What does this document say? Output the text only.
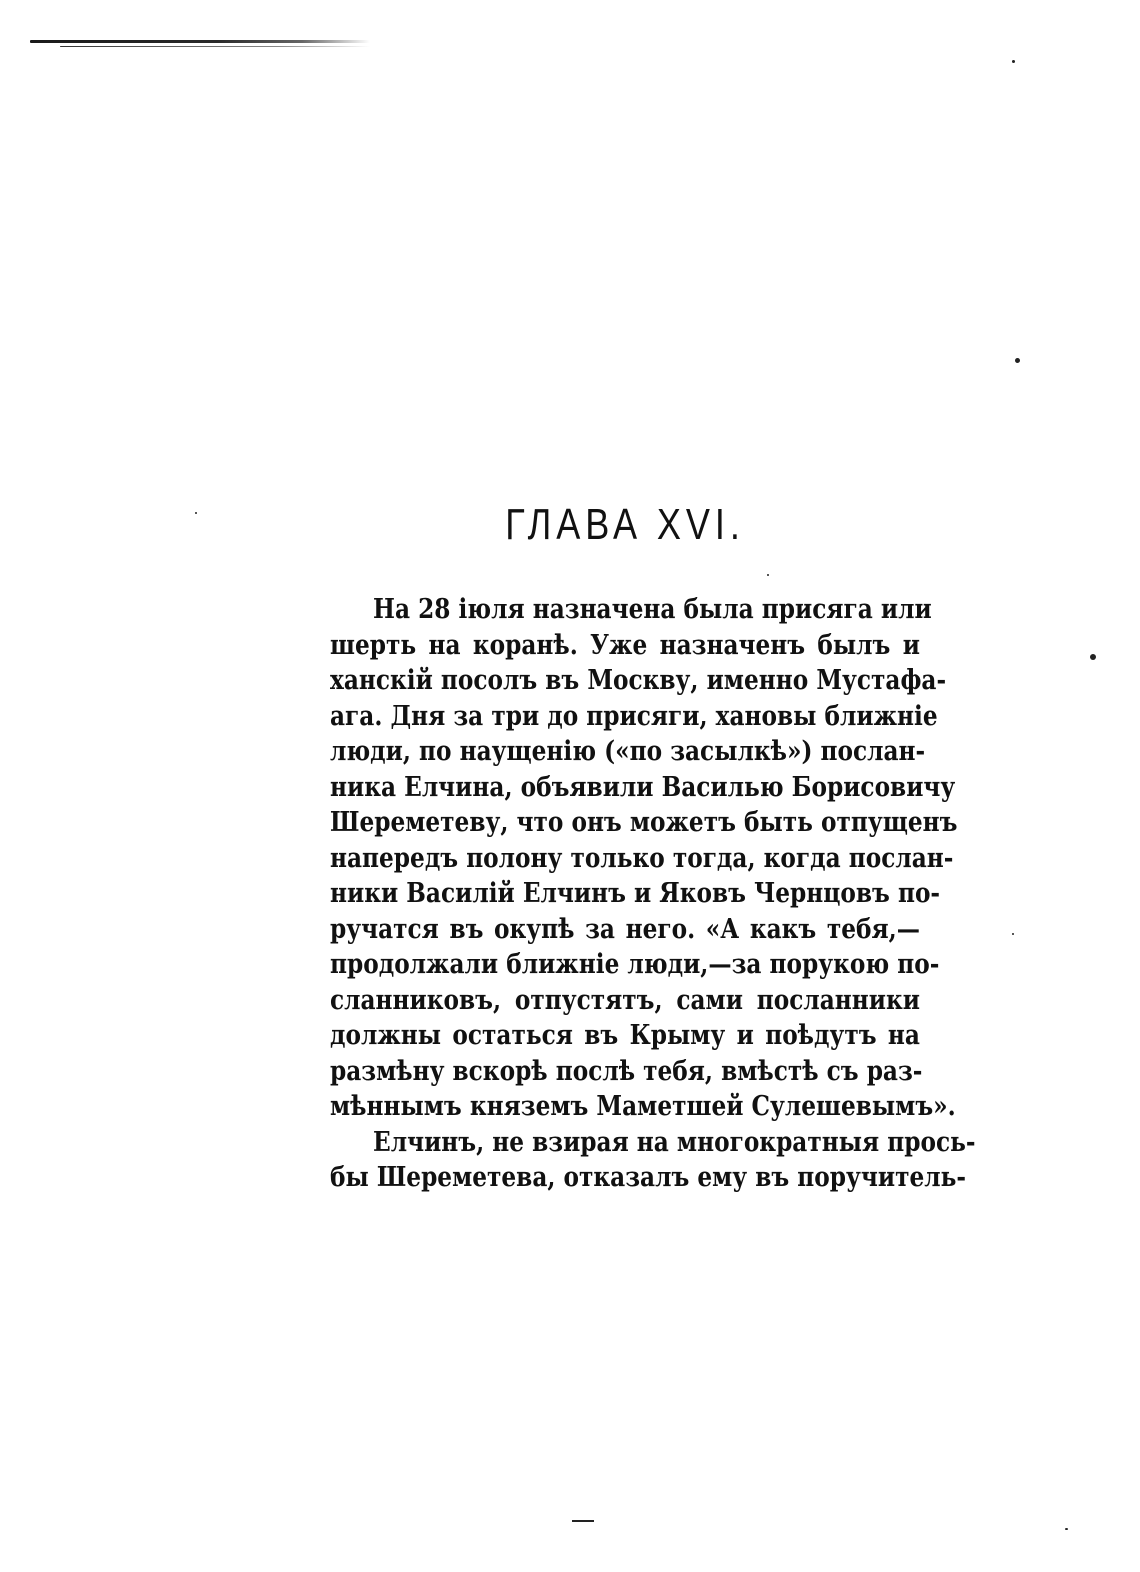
ГЛАВА XVI.

На 28 іюля назначена была присяга или
шерть на коранѣ. Уже назначенъ былъ и
ханскій посолъ въ Москву, именно Мустафа-
ага. Дня за три до присяги, хановы ближніе
люди, по наущенію («по засылкѣ») послан-
ника Елчина, объявили Василью Борисовичу
Шереметеву, что онъ можетъ быть отпущенъ
напередъ полону только тогда, когда послан-
ники Василій Елчинъ и Яковъ Чернцовъ по-
ручатся въ окупѣ за него. «А какъ тебя,—
продолжали ближніе люди,—за порукою по-
сланниковъ, отпустятъ, сами посланники
должны остаться въ Крыму и поѣдутъ на
размѣну вскорѣ послѣ тебя, вмѣстѣ съ раз-
мѣннымъ княземъ Маметшей Сулешевымъ».

Елчинъ, не взирая на многократныя прось-
бы Шереметева, отказалъ ему въ поручитель-
